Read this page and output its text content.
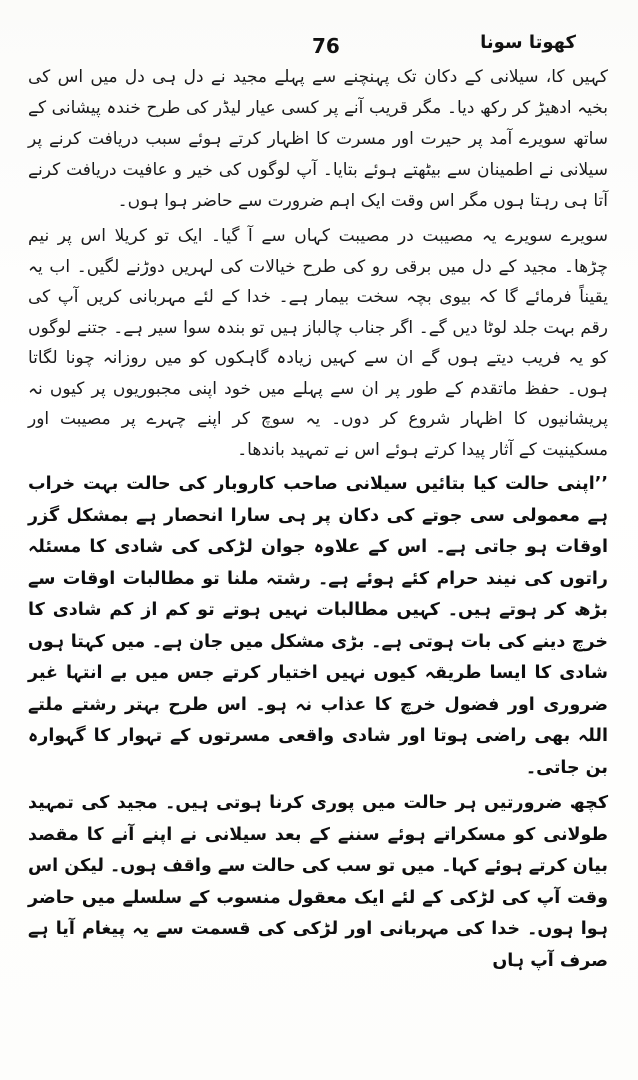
76	کھوتا سونا

کہیں کا، سیلانی کے دکان تک پہنچنے سے پہلے مجید نے دل ہی دل میں اس کی بخیہ ادھیڑ کر رکھ دیا۔ مگر قریب آنے پر کسی عیار لیڈر کی طرح خندہ پیشانی کے ساتھ سویرے آمد پر حیرت اور مسرت کا اظہار کرتے ہوئے سبب دریافت کرنے پر سیلانی نے اطمینان سے بیٹھتے ہوئے بتایا۔ آپ لوگوں کی خیر و عافیت دریافت کرنے آتا ہی رہتا ہوں مگر اس وقت ایک اہم ضرورت سے حاضر ہوا ہوں۔

سویرے سویرے یہ مصیبت در مصیبت کہاں سے آ گیا۔ ایک تو کریلا اس پر نیم چڑھا۔ مجید کے دل میں برقی رو کی طرح خیالات کی لہریں دوڑنے لگیں۔ اب یہ یقیناً فرمائے گا کہ بیوی بچہ سخت بیمار ہے۔ خدا کے لئے مہربانی کریں آپ کی رقم بہت جلد لوٹا دیں گے۔ اگر جناب چالباز ہیں تو بندہ سوا سیر ہے۔ جتنے لوگوں کو یہ فریب دیتے ہوں گے ان سے کہیں زیادہ گاہکوں کو میں روزانہ چونا لگاتا ہوں۔ حفظ ماتقدم کے طور پر ان سے پہلے میں خود اپنی مجبوریوں پر کیوں نہ پریشانیوں کا اظہار شروع کر دوں۔ یہ سوچ کر اپنے چہرے پر مصیبت اور مسکینیت کے آثار پیدا کرتے ہوئے اس نے تمہید باندھا۔

’’اپنی حالت کیا بتائیں سیلانی صاحب کاروبار کی حالت بہت خراب ہے معمولی سی جوتے کی دکان پر ہی سارا انحصار ہے بمشکل گزر اوقات ہو جاتی ہے۔ اس کے علاوہ جوان لڑکی کی شادی کا مسئلہ راتوں کی نیند حرام کئے ہوئے ہے۔ رشتہ ملنا تو مطالبات اوقات سے بڑھ کر ہوتے ہیں۔ کہیں مطالبات نہیں ہوتے تو کم از کم شادی کا خرچ دینے کی بات ہوتی ہے۔ بڑی مشکل میں جان ہے۔ میں کہتا ہوں شادی کا ایسا طریقہ کیوں نہیں اختیار کرتے جس میں بے انتہا غیر ضروری اور فضول خرچ کا عذاب نہ ہو۔ اس طرح بہتر رشتے ملتے اللہ بھی راضی ہوتا اور شادی واقعی مسرتوں کے تہوار کا گہوارہ بن جاتی۔

کچھ ضرورتیں ہر حالت میں پوری کرنا ہوتی ہیں۔ مجید کی تمہید طولانی کو مسکراتے ہوئے سننے کے بعد سیلانی نے اپنے آنے کا مقصد بیان کرتے ہوئے کہا۔ میں تو سب کی حالت سے واقف ہوں۔ لیکن اس وقت آپ کی لڑکی کے لئے ایک معقول منسوب کے سلسلے میں حاضر ہوا ہوں۔ خدا کی مہربانی اور لڑکی کی قسمت سے یہ پیغام آیا ہے صرف آپ ہاں
